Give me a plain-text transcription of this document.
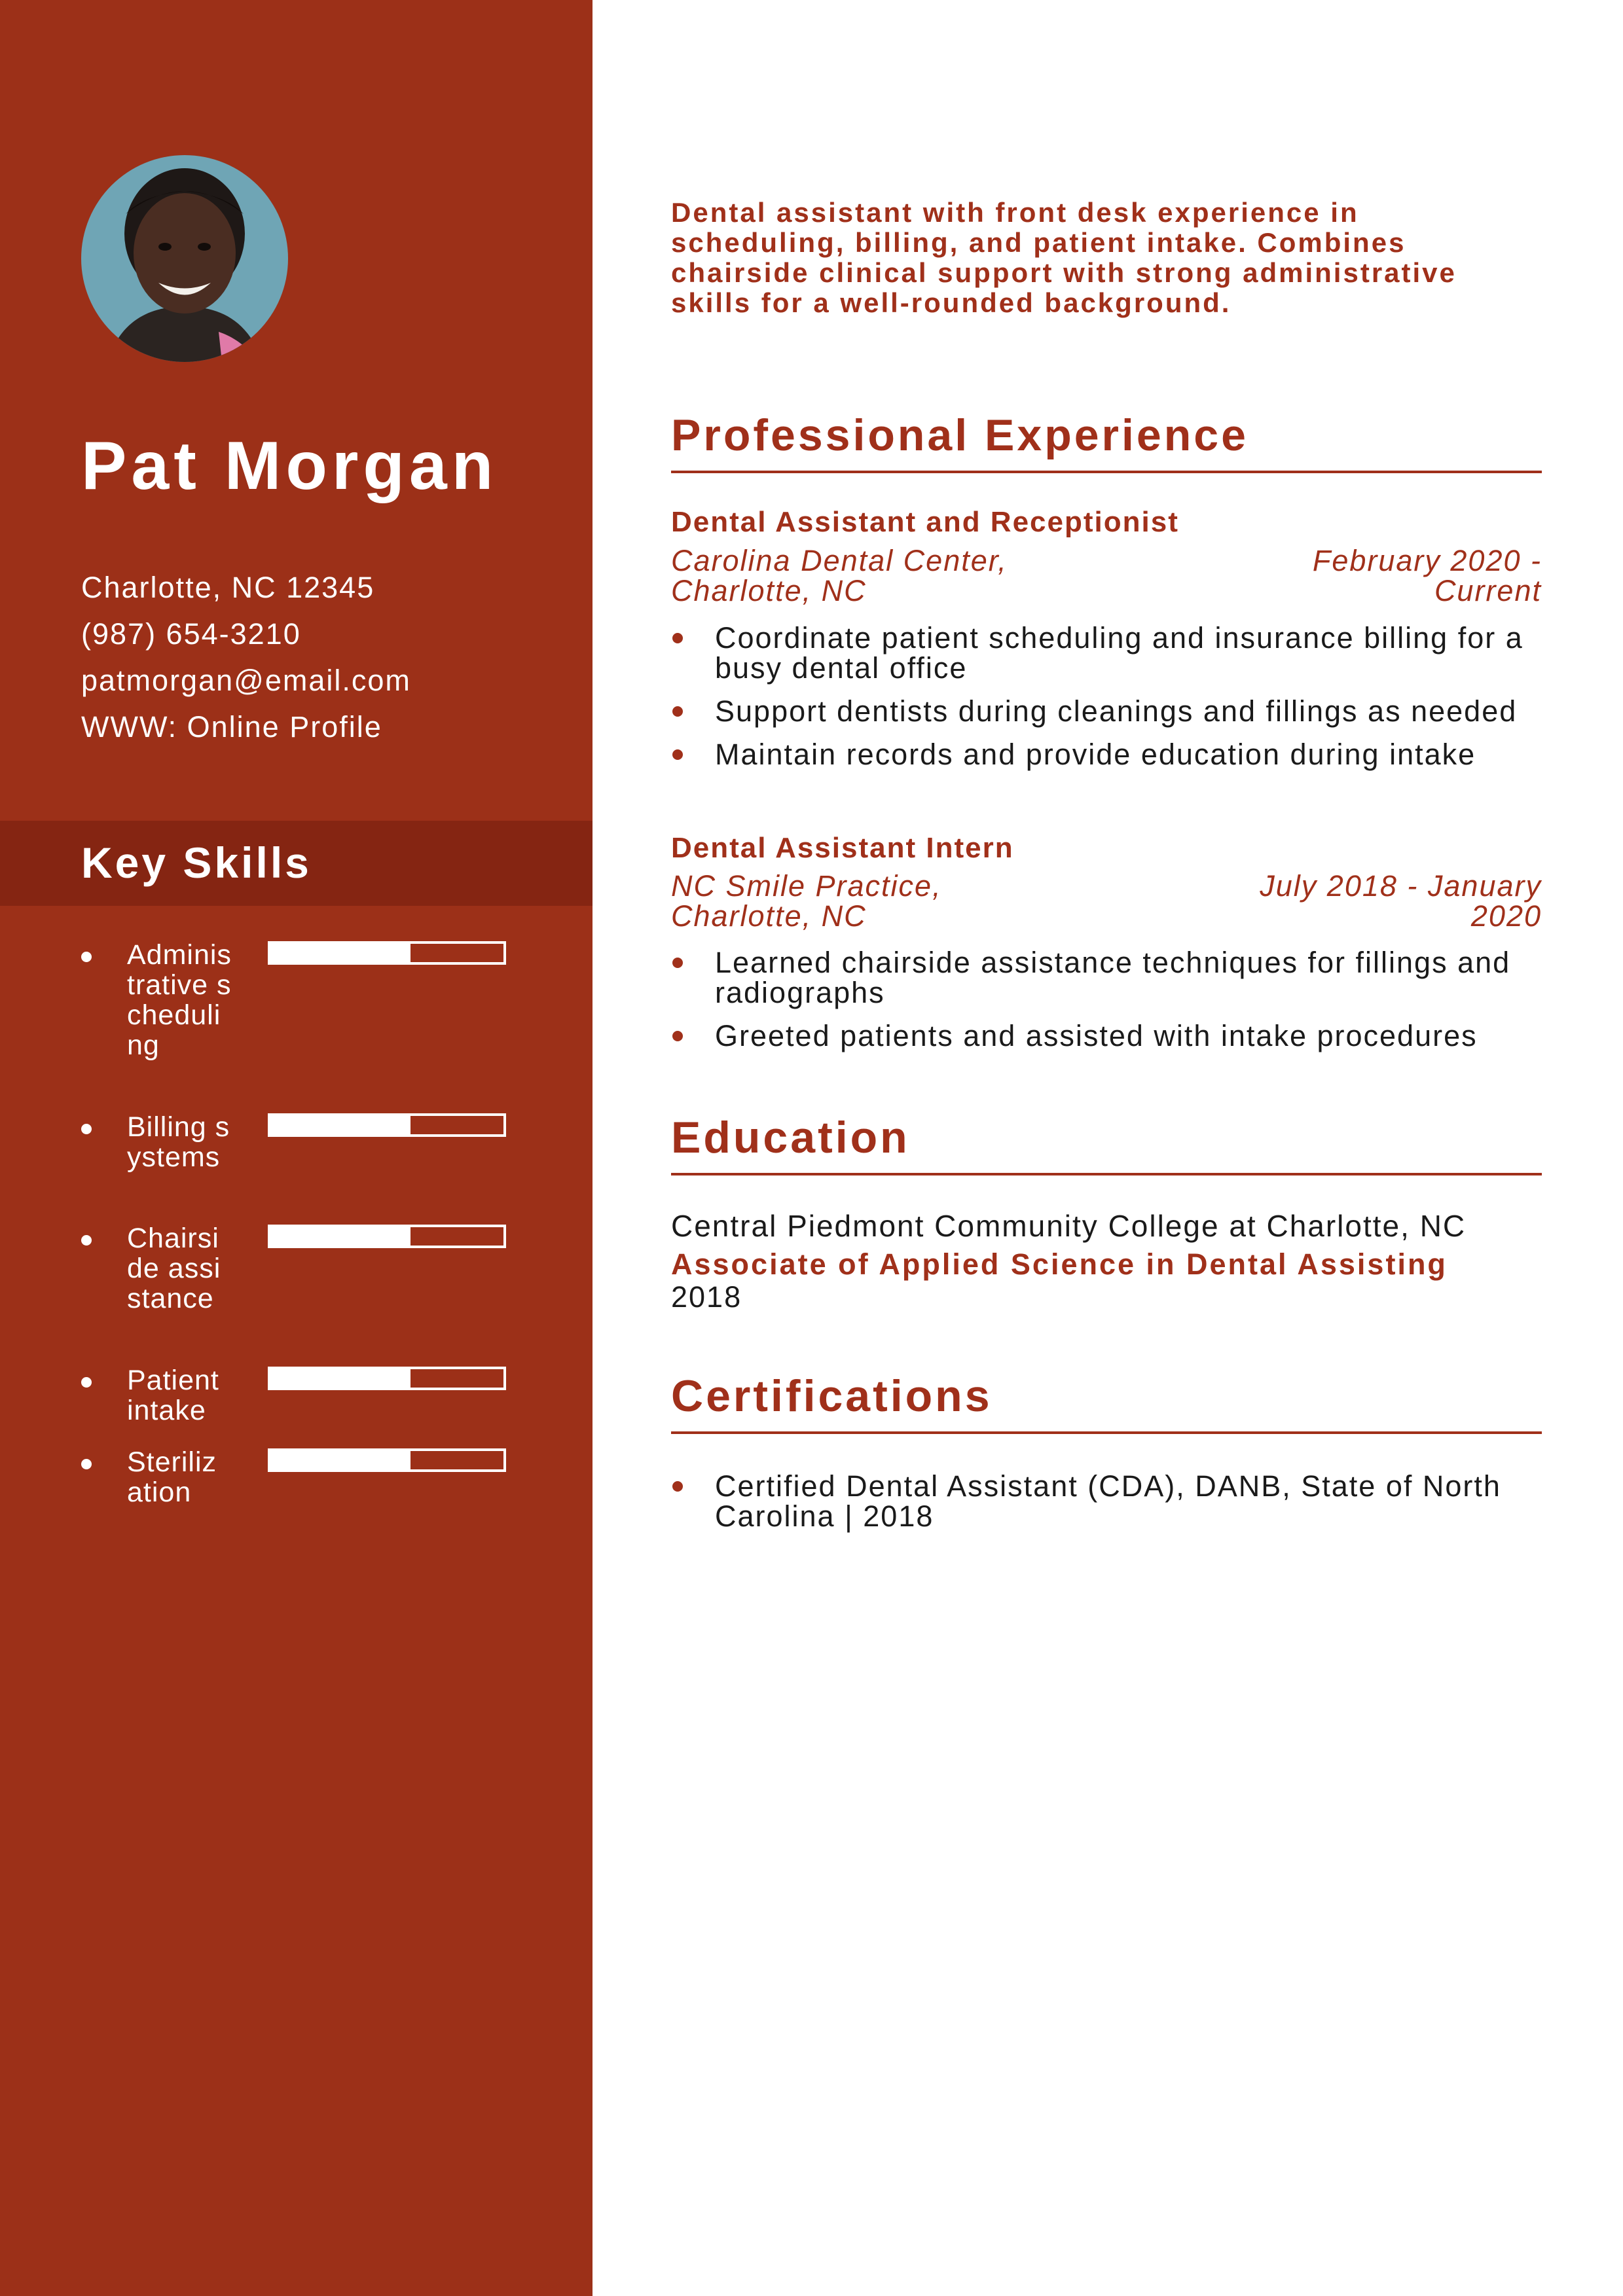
Pat Morgan
Charlotte, NC 12345
(987) 654-3210
patmorgan@email.com
WWW: Online Profile
Key Skills
Administrative scheduling
Billing systems
Chairside assistance
Patient intake
Sterilization

Dental assistant with front desk experience in scheduling, billing, and patient intake. Combines chairside clinical support with strong administrative skills for a well-rounded background.

Professional Experience
Dental Assistant and Receptionist
Carolina Dental Center, Charlotte, NC
February 2020 - Current
Coordinate patient scheduling and insurance billing for a busy dental office
Support dentists during cleanings and fillings as needed
Maintain records and provide education during intake
Dental Assistant Intern
NC Smile Practice, Charlotte, NC
July 2018 - January 2020
Learned chairside assistance techniques for fillings and radiographs
Greeted patients and assisted with intake procedures
Education
Central Piedmont Community College at Charlotte, NC
Associate of Applied Science in Dental Assisting
2018
Certifications
Certified Dental Assistant (CDA), DANB, State of North Carolina | 2018
